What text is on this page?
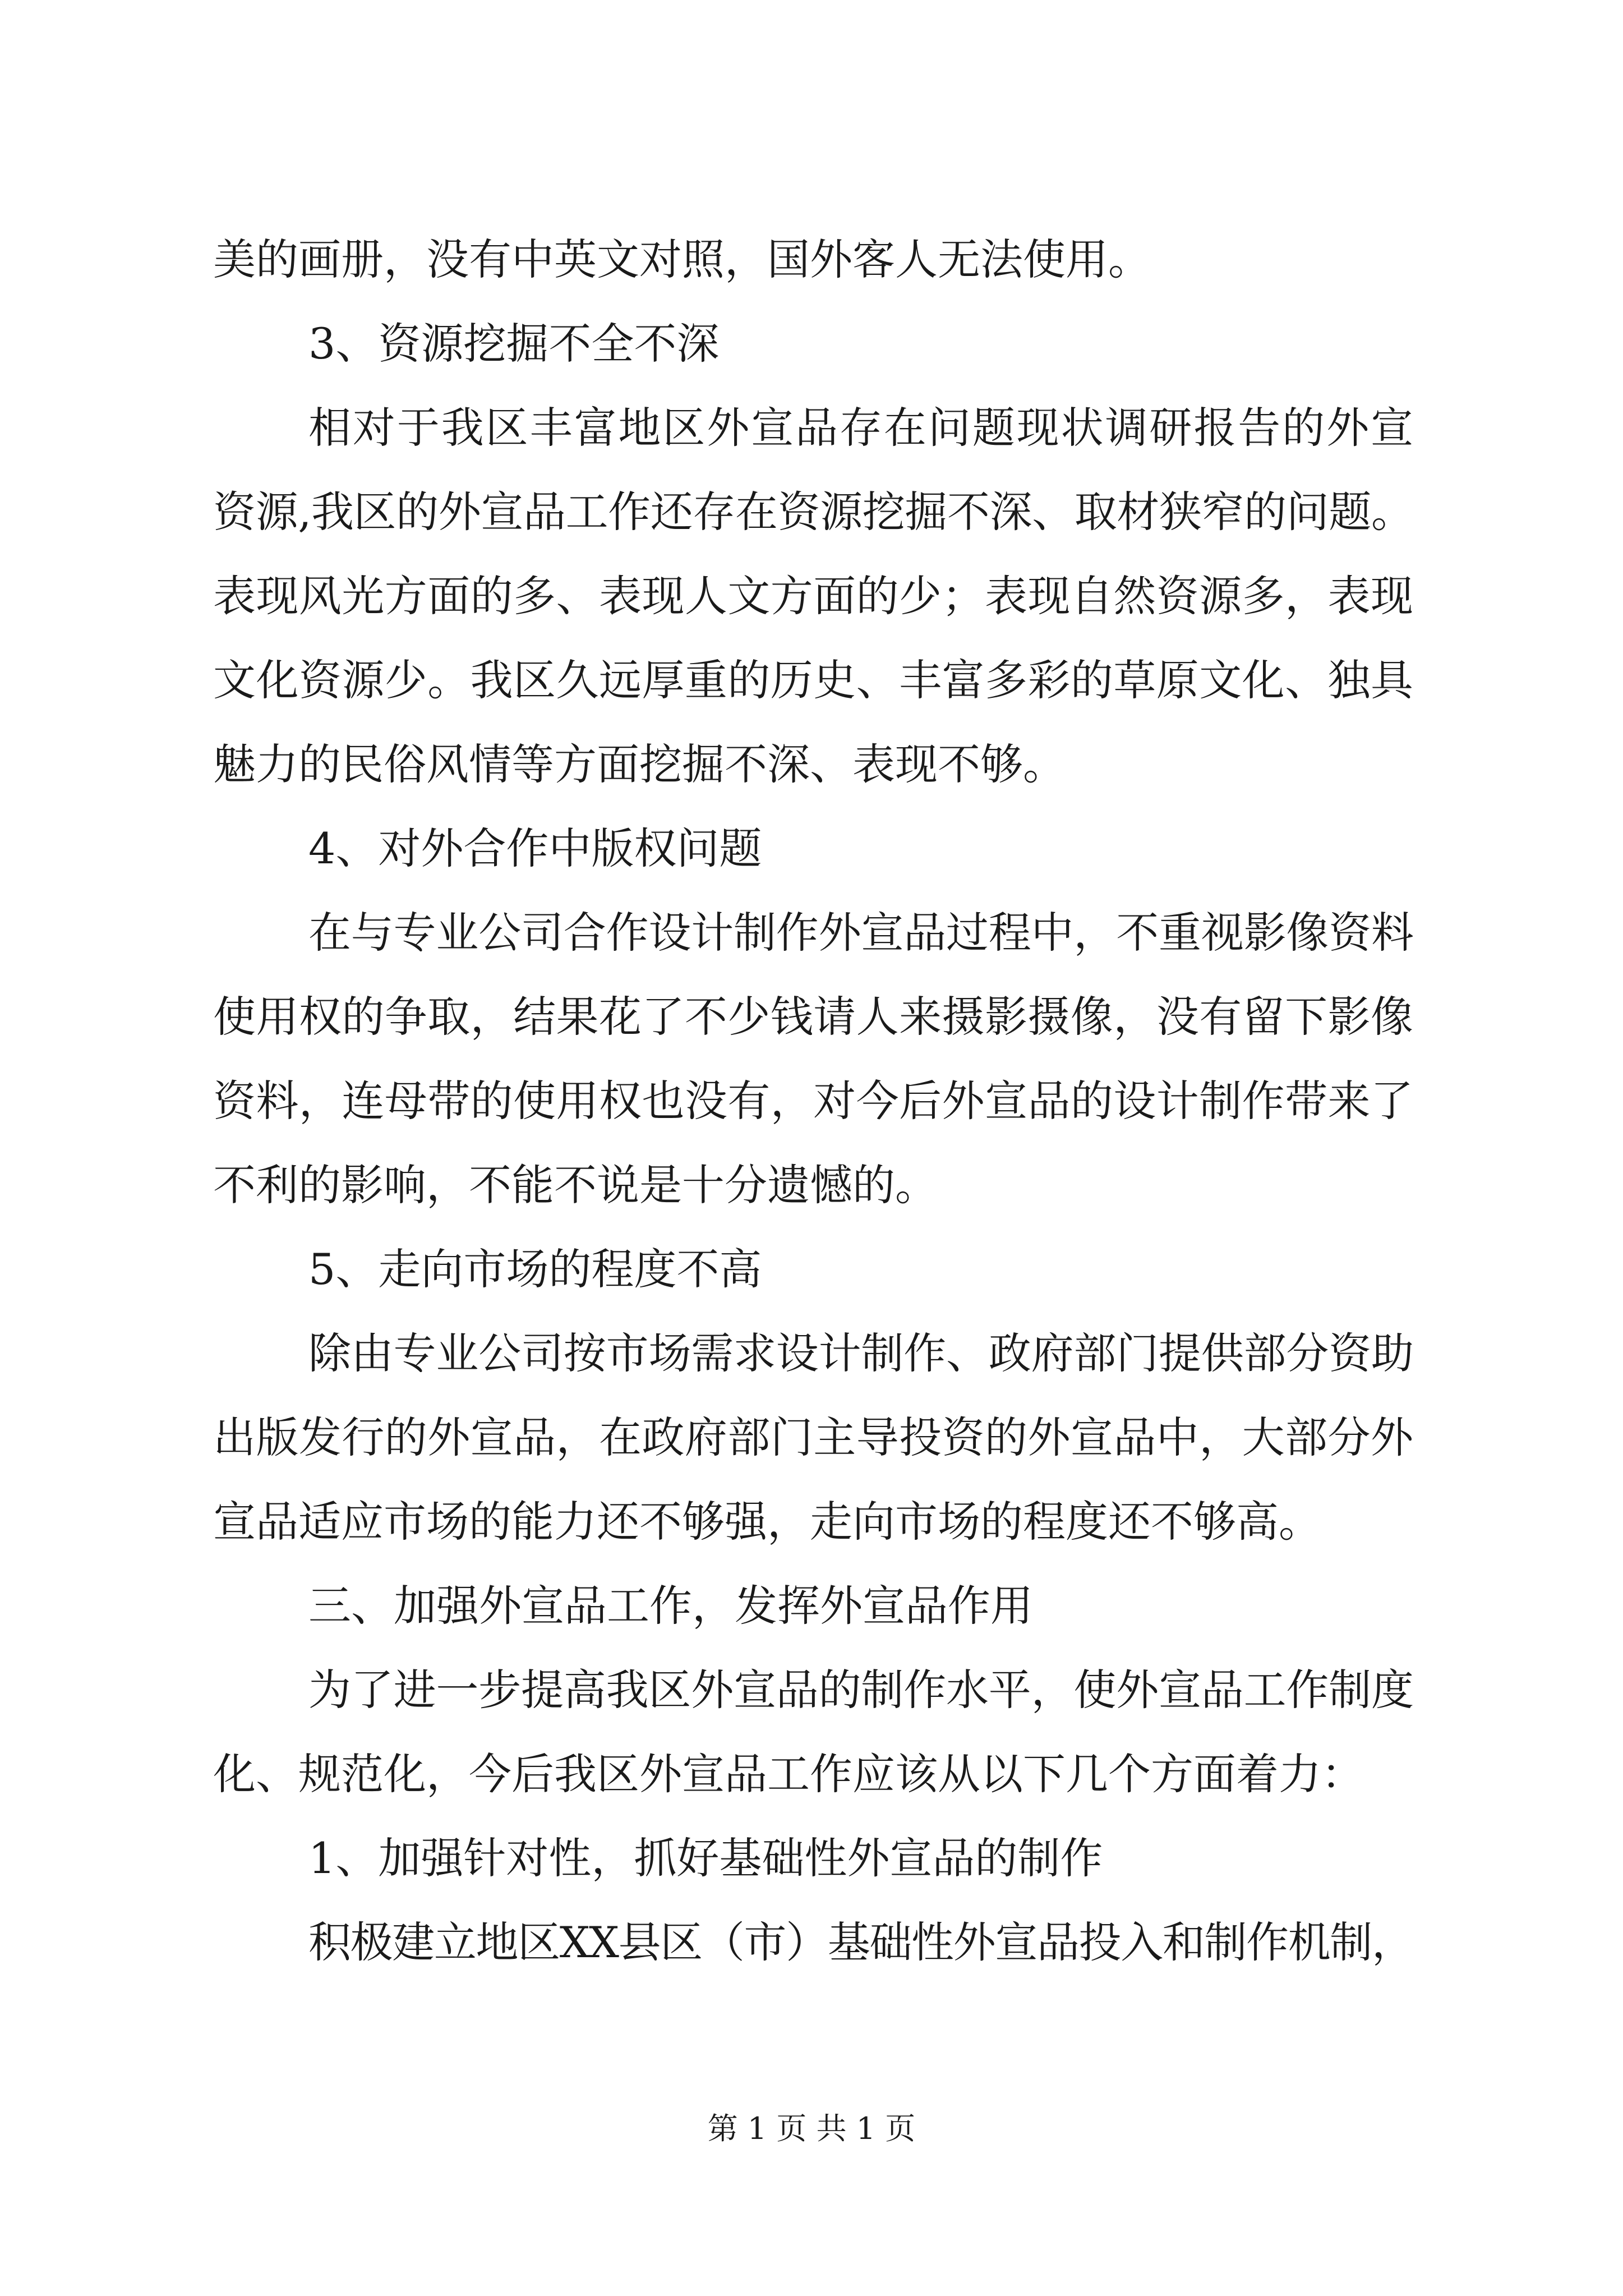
美的画册，没有中英文对照，国外客人无法使用。
3、资源挖掘不全不深
相对于我区丰富地区外宣品存在问题现状调研报告的外宣
资源,我区的外宣品工作还存在资源挖掘不深、取材狭窄的问题。
表现风光方面的多、表现人文方面的少；表现自然资源多，表现
文化资源少。我区久远厚重的历史、丰富多彩的草原文化、独具
魅力的民俗风情等方面挖掘不深、表现不够。
4、对外合作中版权问题
在与专业公司合作设计制作外宣品过程中，不重视影像资料
使用权的争取，结果花了不少钱请人来摄影摄像，没有留下影像
资料，连母带的使用权也没有，对今后外宣品的设计制作带来了
不利的影响，不能不说是十分遗憾的。
5、走向市场的程度不高
除由专业公司按市场需求设计制作、政府部门提供部分资助
出版发行的外宣品，在政府部门主导投资的外宣品中，大部分外
宣品适应市场的能力还不够强，走向市场的程度还不够高。
三、加强外宣品工作，发挥外宣品作用
为了进一步提高我区外宣品的制作水平，使外宣品工作制度
化、规范化，今后我区外宣品工作应该从以下几个方面着力：
1、加强针对性，抓好基础性外宣品的制作
积极建立地区XX县区（市）基础性外宣品投入和制作机制，
第 1 页 共 1 页
